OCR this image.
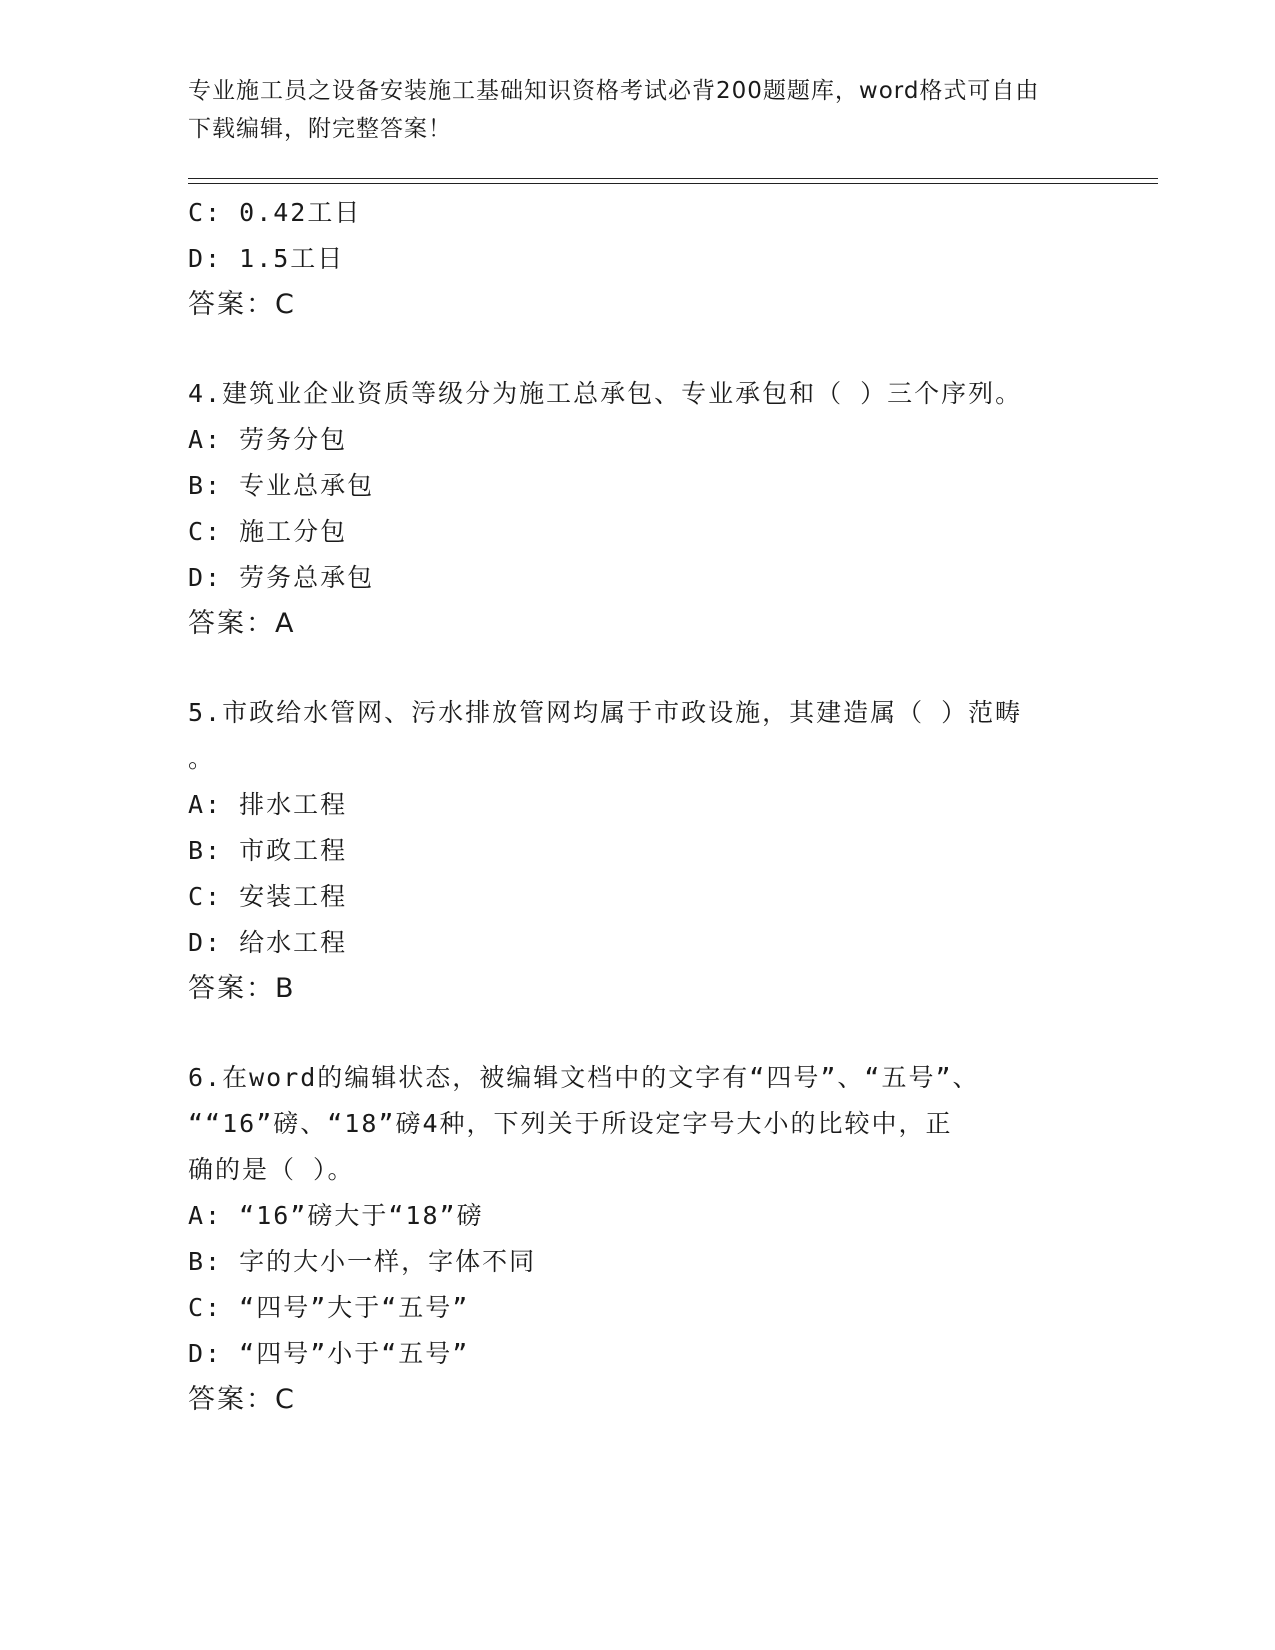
专业施工员之设备安装施工基础知识资格考试必背200题题库，word格式可自由
下载编辑，附完整答案！
C: 0.42工日
D: 1.5工日
答案：C
4.建筑业企业资质等级分为施工总承包、专业承包和（ ）三个序列。
A: 劳务分包
B: 专业总承包
C: 施工分包
D: 劳务总承包
答案：A
5.市政给水管网、污水排放管网均属于市政设施，其建造属（ ）范畴
。
A: 排水工程
B: 市政工程
C: 安装工程
D: 给水工程
答案：B
6.在word的编辑状态，被编辑文档中的文字有“四号”、“五号”、
““16”磅、“18”磅4种，下列关于所设定字号大小的比较中，正
确的是（ ）。
A: “16”磅大于“18”磅
B: 字的大小一样，字体不同
C: “四号”大于“五号”
D: “四号”小于“五号”
答案：C
